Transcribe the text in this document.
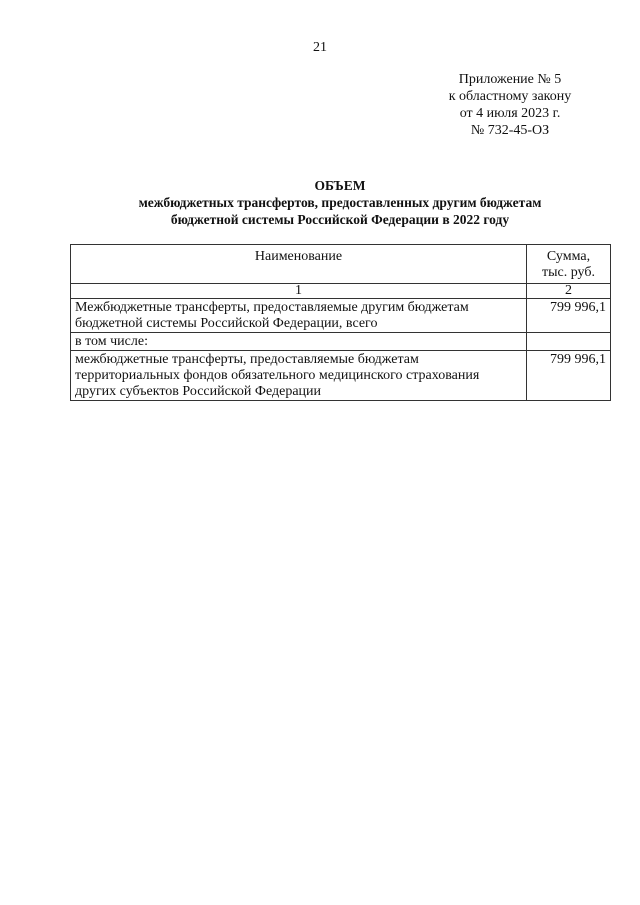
21
Приложение № 5
к областному закону
от 4 июля 2023 г.
№ 732-45-ОЗ
ОБЪЕМ
межбюджетных трансфертов, предоставленных другим бюджетам
бюджетной системы Российской Федерации в 2022 году
Наименование	Сумма,
тыс. руб.

1	2
Межбюджетные трансферты, предоставляемые другим бюджетам бюджетной системы Российской Федерации, всего	799 996,1
в том числе:	
межбюджетные трансферты, предоставляемые бюджетам территориальных фондов обязательного медицинского страхования других субъектов Российской Федерации	799 996,1
